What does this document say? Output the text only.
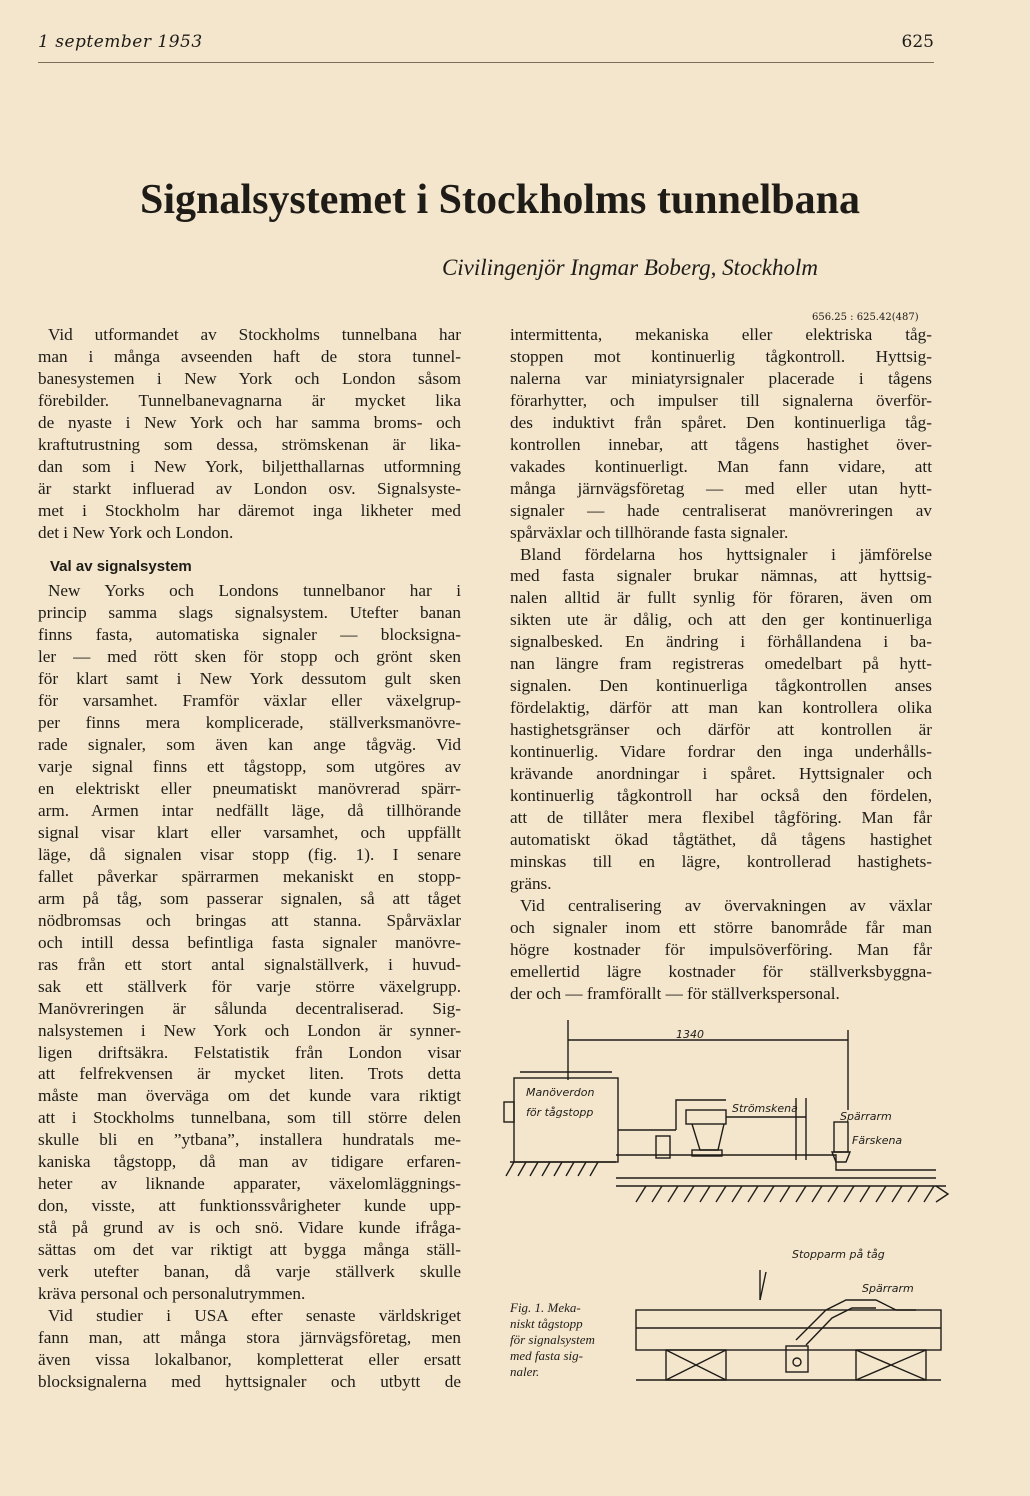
1 september 1953	625
Signalsystemet i Stockholms tunnelbana
Civilingenjör Ingmar Boberg, Stockholm
656.25 : 625.42(487)
Vid utformandet av Stockholms tunnelbana har
man i många avseenden haft de stora tunnel-
banesystemen i New York och London såsom
förebilder. Tunnelbanevagnarna är mycket lika
de nyaste i New York och har samma broms- och
kraftutrustning som dessa, strömskenan är lika-
dan som i New York, biljetthallarnas utformning
är starkt influerad av London osv. Signalsyste-
met i Stockholm har däremot inga likheter med
det i New York och London.
Val av signalsystem
New Yorks och Londons tunnelbanor har i
princip samma slags signalsystem. Utefter banan
finns fasta, automatiska signaler — blocksigna-
ler — med rött sken för stopp och grönt sken
för klart samt i New York dessutom gult sken
för varsamhet. Framför växlar eller växelgrup-
per finns mera komplicerade, ställverksmanövre-
rade signaler, som även kan ange tågväg. Vid
varje signal finns ett tågstopp, som utgöres av
en elektriskt eller pneumatiskt manövrerad spärr-
arm. Armen intar nedfällt läge, då tillhörande
signal visar klart eller varsamhet, och uppfällt
läge, då signalen visar stopp (fig. 1). I senare
fallet påverkar spärrarmen mekaniskt en stopp-
arm på tåg, som passerar signalen, så att tåget
nödbromsas och bringas att stanna. Spårväxlar
och intill dessa befintliga fasta signaler manövre-
ras från ett stort antal signalställverk, i huvud-
sak ett ställverk för varje större växelgrupp.
Manövreringen är sålunda decentraliserad. Sig-
nalsystemen i New York och London är synner-
ligen driftsäkra. Felstatistik från London visar
att felfrekvensen är mycket liten. Trots detta
måste man överväga om det kunde vara riktigt
att i Stockholms tunnelbana, som till större delen
skulle bli en ”ytbana”, installera hundratals me-
kaniska tågstopp, då man av tidigare erfaren-
heter av liknande apparater, växelomläggnings-
don, visste, att funktionssvårigheter kunde upp-
stå på grund av is och snö. Vidare kunde ifråga-
sättas om det var riktigt att bygga många ställ-
verk utefter banan, då varje ställverk skulle
kräva personal och personalutrymmen.
Vid studier i USA efter senaste världskriget
fann man, att många stora järnvägsföretag, men
även vissa lokalbanor, kompletterat eller ersatt
blocksignalerna med hyttsignaler och utbytt de
intermittenta, mekaniska eller elektriska tåg-
stoppen mot kontinuerlig tågkontroll. Hyttsig-
nalerna var miniatyrsignaler placerade i tågens
förarhytter, och impulser till signalerna överför-
des induktivt från spåret. Den kontinuerliga tåg-
kontrollen innebar, att tågens hastighet över-
vakades kontinuerligt. Man fann vidare, att
många järnvägsföretag — med eller utan hytt-
signaler — hade centraliserat manövreringen av
spårväxlar och tillhörande fasta signaler.
Bland fördelarna hos hyttsignaler i jämförelse
med fasta signaler brukar nämnas, att hyttsig-
nalen alltid är fullt synlig för föraren, även om
sikten ute är dålig, och att den ger kontinuerliga
signalbesked. En ändring i förhållandena i ba-
nan längre fram registreras omedelbart på hytt-
signalen. Den kontinuerliga tågkontrollen anses
fördelaktig, därför att man kan kontrollera olika
hastighetsgränser och därför att kontrollen är
kontinuerlig. Vidare fordrar den inga underhålls-
krävande anordningar i spåret. Hyttsignaler och
kontinuerlig tågkontroll har också den fördelen,
att de tillåter mera flexibel tågföring. Man får
automatiskt ökad tågtäthet, då tågens hastighet
minskas till en lägre, kontrollerad hastighets-
gräns.
Vid centralisering av övervakningen av växlar
och signaler inom ett större banområde får man
högre kostnader för impulsöverföring. Man får
emellertid lägre kostnader för ställverksbyggna-
der och — framförallt — för ställverkspersonal.
1340
Manöverdon
för tågstopp	Strömskena
Spärrarm
Färskena
Stopparm på tåg
Spärrarm
Fig. 1. Meka-
niskt tågstopp
för signalsystem
med fasta sig-
naler.
